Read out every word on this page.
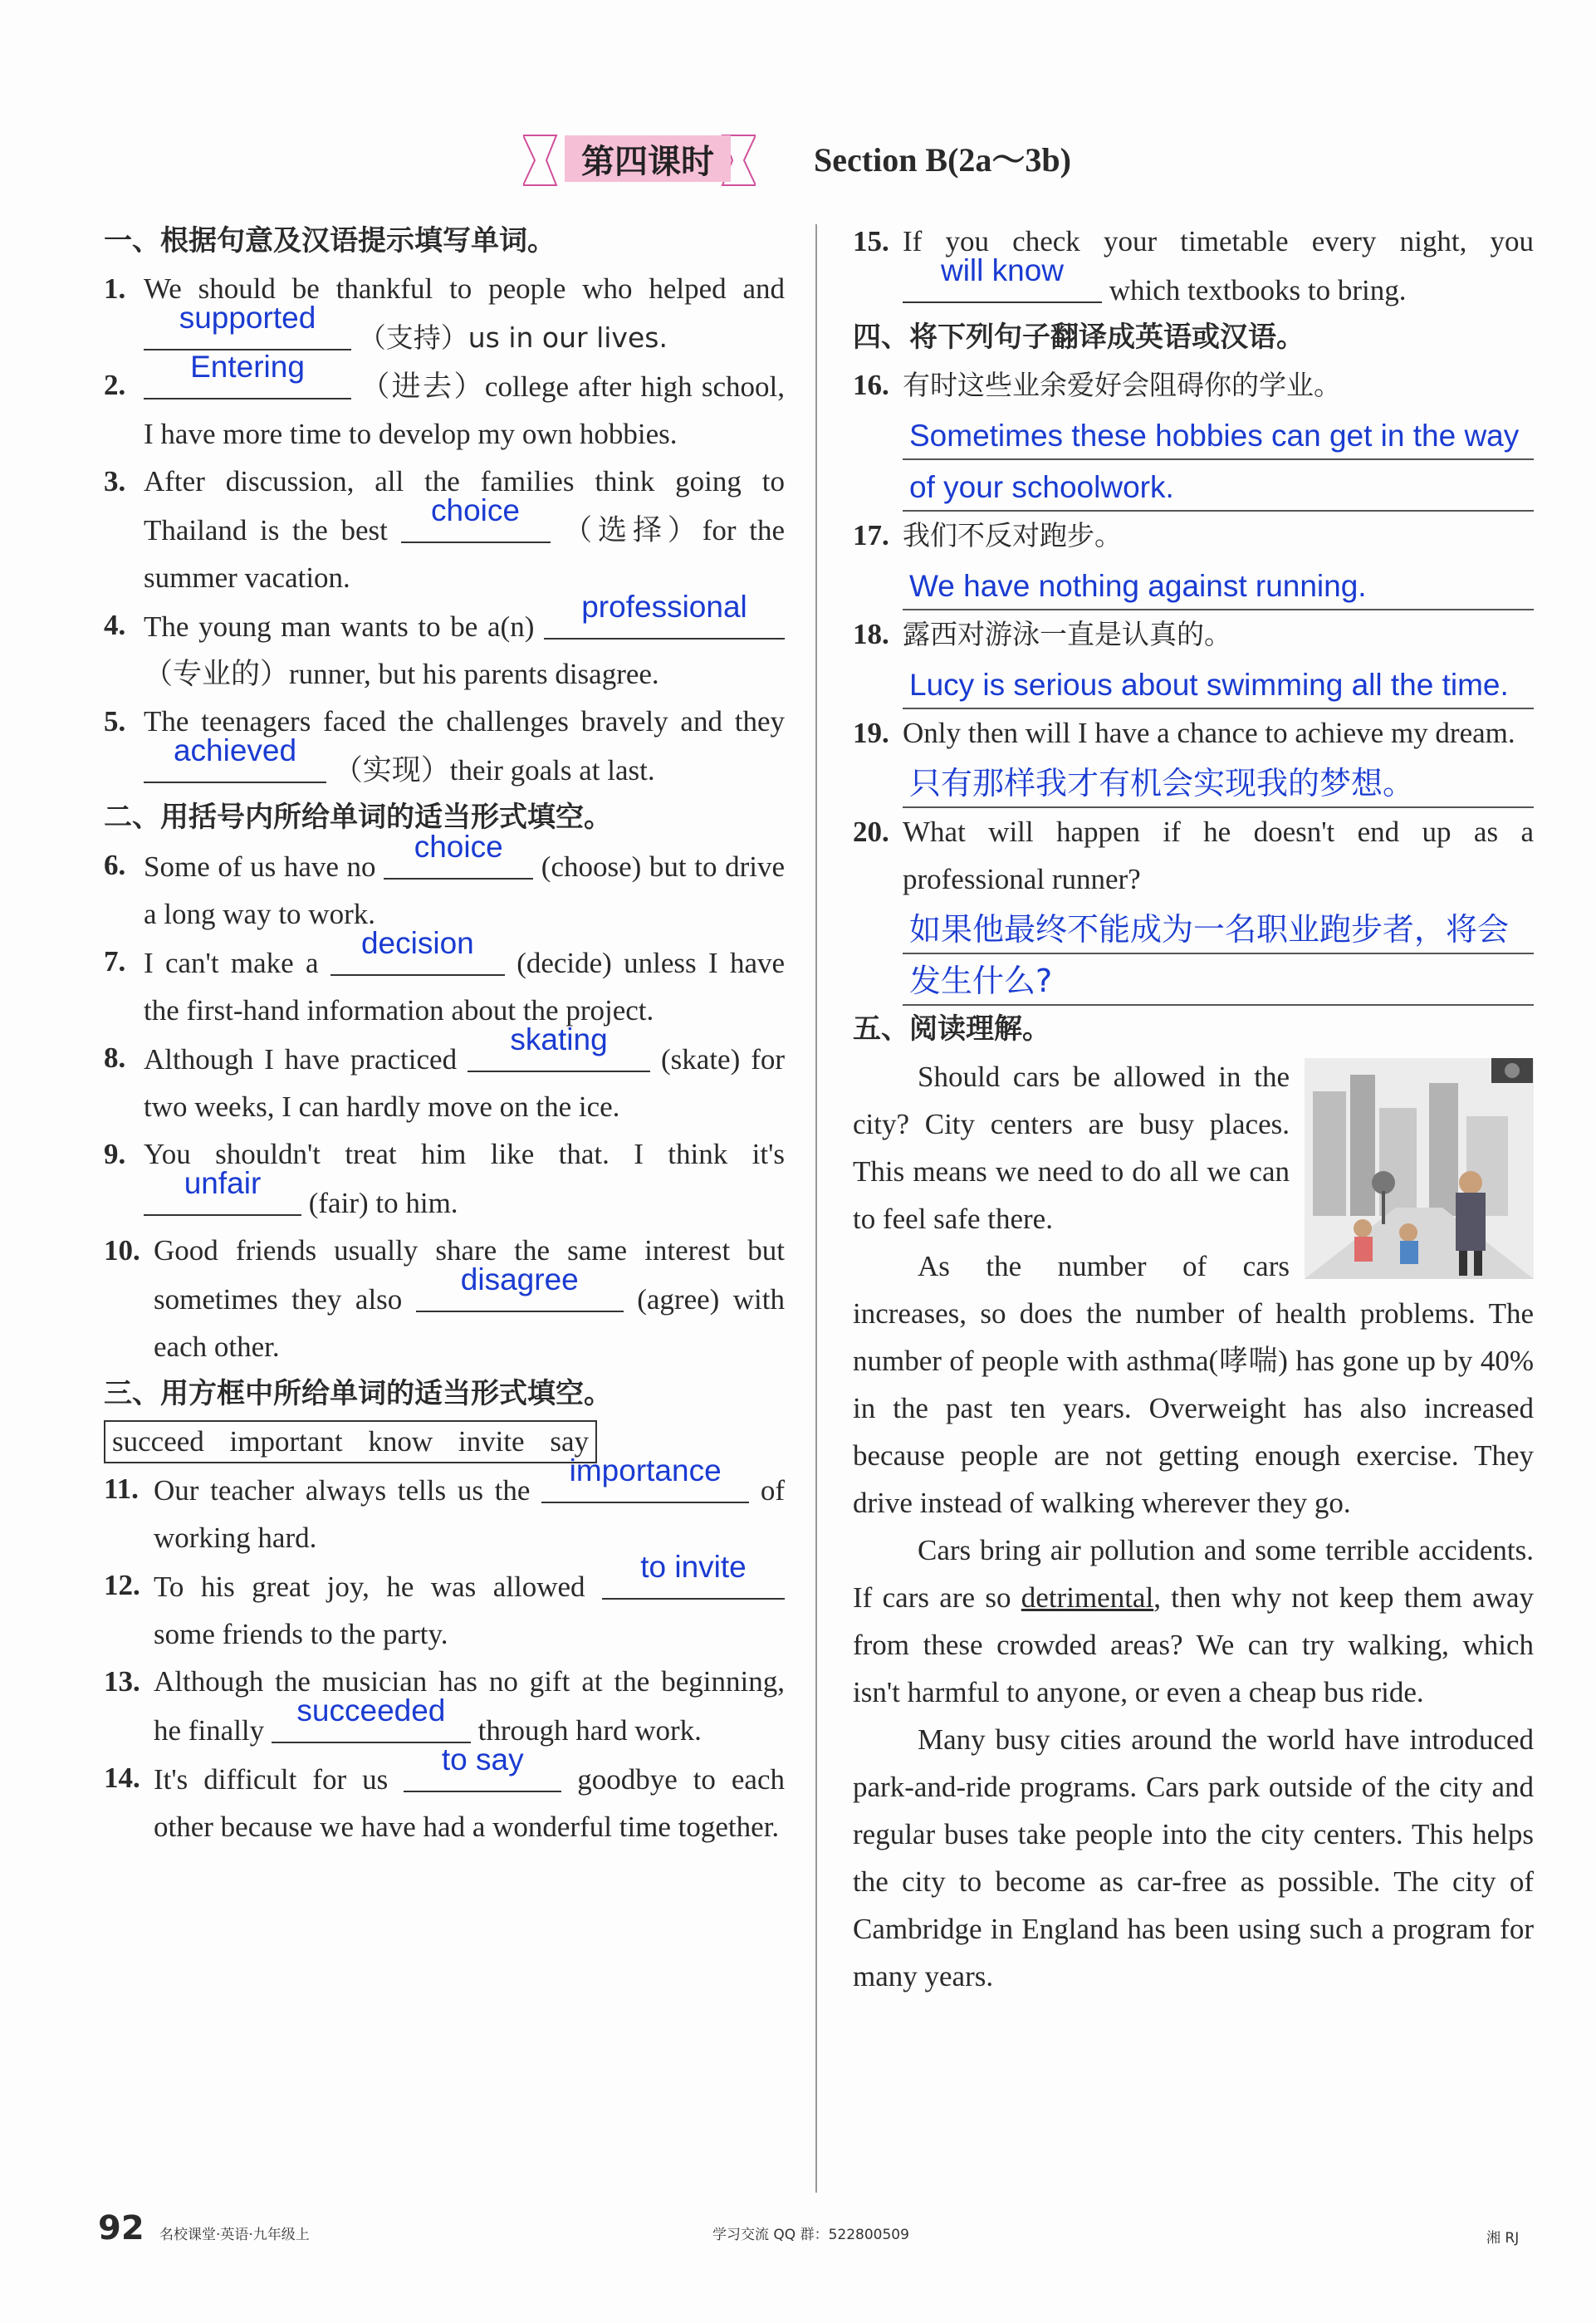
第四课时	Section B(2a～3b)
一、根据句意及汉语提示填写单词。
1. We should be thankful to people who helped and
supported
（支持）us in our lives.
2.
Entering
（进去）college after high school, I have more time to develop my own hobbies.
3. After discussion, all the families think going to Thailand is the best
choice
（选择）for the summer vacation.
4. The young man wants to be a(n)
professional
（专业的）runner, but his parents disagree.
5. The teenagers faced the challenges bravely and they
achieved
（实现）their goals at last.
二、用括号内所给单词的适当形式填空。
6. Some of us have no
choice
(choose) but to drive a long way to work.
7. I can't make a
decision
(decide) unless I have the first-hand information about the project.
8. Although I have practiced
skating
(skate) for two weeks, I can hardly move on the ice.
9. You shouldn't treat him like that. I think it's
unfair
(fair) to him.
10. Good friends usually share the same interest but sometimes they also
disagree
(agree) with each other.
三、用方框中所给单词的适当形式填空。
succeed important know invite say
11. Our teacher always tells us the
importance
of working hard.
12. To his great joy, he was allowed
to invite
some friends to the party.
13. Although the musician has no gift at the beginning, he finally
succeeded
through hard work.
14. It's difficult for us
to say
goodbye to each other because we have had a wonderful time together.
15. If you check your timetable every night, you
will know
which textbooks to bring.
四、将下列句子翻译成英语或汉语。
16. 有时这些业余爱好会阻碍你的学业。
Sometimes these hobbies can get in the way
of your schoolwork.
17. 我们不反对跑步。
We have nothing against running.
18. 露西对游泳一直是认真的。
Lucy is serious about swimming all the time.
19. Only then will I have a chance to achieve my dream.
只有那样我才有机会实现我的梦想。
20. What will happen if he doesn't end up as a professional runner?
如果他最终不能成为一名职业跑步者，将会
发生什么?
五、阅读理解。
Should cars be allowed in the city? City centers are busy places. This means we need to do all we can to feel safe there.
As the number of cars increases, so does the number of health problems. The number of people with asthma(哮喘) has gone up by 40% in the past ten years. Overweight has also increased because people are not getting enough exercise. They drive instead of walking wherever they go.
Cars bring air pollution and some terrible accidents. If cars are so detrimental, then why not keep them away from these crowded areas? We can try walking, which isn't harmful to anyone, or even a cheap bus ride.
Many busy cities around the world have introduced park-and-ride programs. Cars park outside of the city and regular buses take people into the city centers. This helps the city to become as car-free as possible. The city of Cambridge in England has been using such a program for many years.
92 名校课堂·英语·九年级上	学习交流 QQ 群：522800509	湘 RJ
